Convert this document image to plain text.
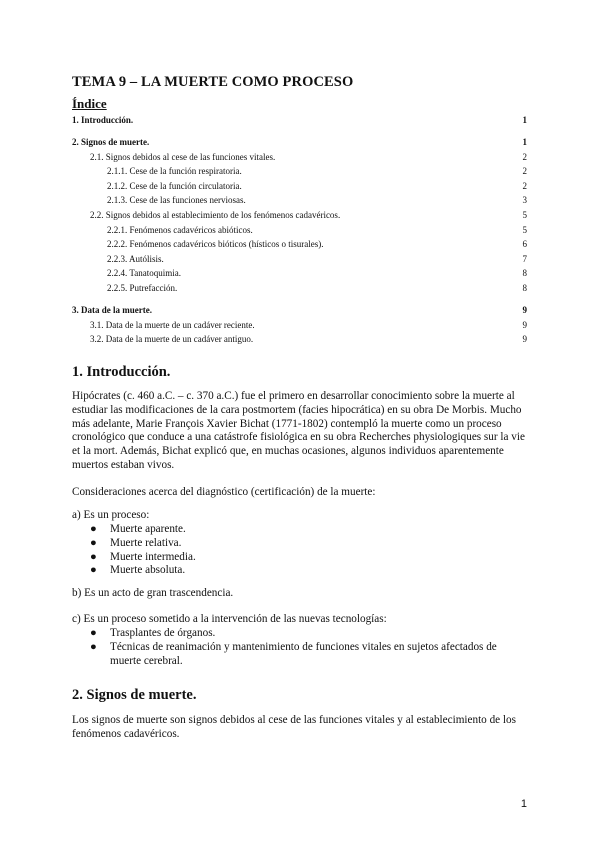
TEMA 9 – LA MUERTE COMO PROCESO
Índice
1. Introducción.	1
2. Signos de muerte.	1
2.1. Signos debidos al cese de las funciones vitales.	2
2.1.1. Cese de la función respiratoria.	2
2.1.2. Cese de la función circulatoria.	2
2.1.3. Cese de las funciones nerviosas.	3
2.2. Signos debidos al establecimiento de los fenómenos cadavéricos.	5
2.2.1. Fenómenos cadavéricos abióticos.	5
2.2.2. Fenómenos cadavéricos bióticos (hísticos o tisurales).	6
2.2.3. Autólisis.	7
2.2.4. Tanatoquimia.	8
2.2.5. Putrefacción.	8
3. Data de la muerte.	9
3.1. Data de la muerte de un cadáver reciente.	9
3.2. Data de la muerte de un cadáver antiguo.	9
1. Introducción.

Hipócrates (c. 460 a.C. – c. 370 a.C.) fue el primero en desarrollar conocimiento sobre la muerte al estudiar las modificaciones de la cara postmortem (facies hipocrática) en su obra De Morbis. Mucho más adelante, Marie François Xavier Bichat (1771-1802) contempló la muerte como un proceso cronológico que conduce a una catástrofe fisiológica en su obra Recherches physiologiques sur la vie et la mort. Además, Bichat explicó que, en muchas ocasiones, algunos individuos aparentemente muertos estaban vivos.

Consideraciones acerca del diagnóstico (certificación) de la muerte:

a) Es un proceso:

● Muerte aparente.
● Muerte relativa.
● Muerte intermedia.
● Muerte absoluta.

b) Es un acto de gran trascendencia.

c) Es un proceso sometido a la intervención de las nuevas tecnologías:

● Trasplantes de órganos.
● Técnicas de reanimación y mantenimiento de funciones vitales en sujetos afectados de muerte cerebral.
2. Signos de muerte.

Los signos de muerte son signos debidos al cese de las funciones vitales y al establecimiento de los fenómenos cadavéricos.

1
